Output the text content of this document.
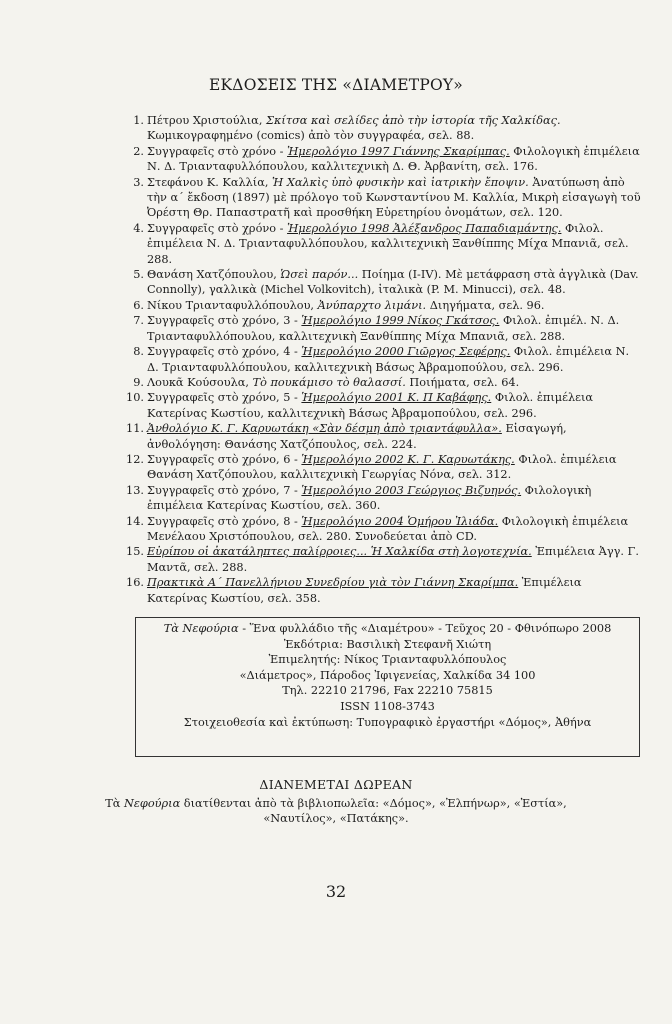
ΕΚΔΟΣΕΙΣ ΤΗΣ «ΔΙΑΜΕΤΡΟΥ»
1. Πέτρου Χριστούλια, Σκίτσα καὶ σελίδες ἀπὸ τὴν ἱστορία τῆς Χαλκίδας. Κωμικογραφημένο (comics) ἀπὸ τὸν συγγραφέα, σελ. 88.
2. Συγγραφεῖς στὸ χρόνο - Ἡμερολόγιο 1997 Γιάννης Σκαρίμπας. Φιλολογικὴ ἐπιμέλεια Ν. Δ. Τριανταφυλλόπουλου, καλλιτεχνικὴ Δ. Θ. Ἀρβανίτη, σελ. 176.
3. Στεφάνου Κ. Καλλία, Ἡ Χαλκὶς ὑπὸ φυσικὴν καὶ ἰατρικὴν ἔποψιν. Ἀνατύπωση ἀπὸ τὴν α΄ ἔκδοση (1897) μὲ πρόλογο τοῦ Κωνσταντίνου Μ. Καλλία, Μικρὴ εἰσαγωγὴ τοῦ Ὀρέστη Θρ. Παπαστρατῆ καὶ προσθήκη Εὑρετηρίου ὀνομάτων, σελ. 120.
4. Συγγραφεῖς στὸ χρόνο - Ἡμερολόγιο 1998 Ἀλέξανδρος Παπαδιαμάντης. Φιλολ. ἐπιμέλεια Ν. Δ. Τριανταφυλλόπουλου, καλλιτεχνικὴ Ξανθίππης Μίχα Μπανιᾶ, σελ. 288.
5. Θανάση Χατζόπουλου, Ὡσεὶ παρόν... Ποίημα (I-IV). Μὲ μετάφραση στὰ ἀγγλικὰ (Dav. Connolly), γαλλικὰ (Michel Volkovitch), ἰταλικὰ (P. M. Minucci), σελ. 48.
6. Νίκου Τριανταφυλλόπουλου, Ἀνύπαρχτο λιμάνι. Διηγήματα, σελ. 96.
7. Συγγραφεῖς στὸ χρόνο, 3 - Ἡμερολόγιο 1999 Νίκος Γκάτσος. Φιλολ. ἐπιμέλ. Ν. Δ. Τριανταφυλλόπουλου, καλλιτεχνικὴ Ξανθίππης Μίχα Μπανιᾶ, σελ. 288.
8. Συγγραφεῖς στὸ χρόνο, 4 - Ἡμερολόγιο 2000 Γιῶργος Σεφέρης. Φιλολ. ἐπιμέλεια Ν. Δ. Τριανταφυλλόπουλου, καλλιτεχνικὴ Βάσως Ἀβραμοπούλου, σελ. 296.
9. Λουκᾶ Κούσουλα, Τὸ πουκάμισο τὸ θαλασσί. Ποιήματα, σελ. 64.
10. Συγγραφεῖς στὸ χρόνο, 5 - Ἡμερολόγιο 2001 Κ. Π Καβάφης. Φιλολ. ἐπιμέλεια Κατερίνας Κωστίου, καλλιτεχνικὴ Βάσως Ἀβραμοπούλου, σελ. 296.
11. Ἀνθολόγιο Κ. Γ. Καρυωτάκη «Σὰν δέσμη ἀπὸ τριαντάφυλλα». Εἰσαγωγή, ἀνθολόγηση: Θανάσης Χατζόπουλος, σελ. 224.
12. Συγγραφεῖς στὸ χρόνο, 6 - Ἡμερολόγιο 2002 Κ. Γ. Καρυωτάκης. Φιλολ. ἐπιμέλεια Θανάση Χατζόπουλου, καλλιτεχνικὴ Γεωργίας Νόνα, σελ. 312.
13. Συγγραφεῖς στὸ χρόνο, 7 - Ἡμερολόγιο 2003 Γεώργιος Βιζυηνός. Φιλολογικὴ ἐπιμέλεια Κατερίνας Κωστίου, σελ. 360.
14. Συγγραφεῖς στὸ χρόνο, 8 - Ἡμερολόγιο 2004 Ὁμήρου Ἰλιάδα. Φιλολογικὴ ἐπιμέλεια Μενέλαου Χριστόπουλου, σελ. 280. Συνοδεύεται ἀπὸ CD.
15. Εὐρίπου οἱ ἀκατάληπτες παλίρροιες... Ἡ Χαλκίδα στὴ λογοτεχνία. Ἐπιμέλεια Ἀγγ. Γ. Μαντᾶ, σελ. 288.
16. Πρακτικὰ Α΄ Πανελλήνιου Συνεδρίου γιὰ τὸν Γιάννη Σκαρίμπα. Ἐπιμέλεια Κατερίνας Κωστίου, σελ. 358.
Τὰ Νεφούρια - Ἕνα φυλλάδιο τῆς «Διαμέτρου» - Τεῦχος 20 - Φθινόπωρο 2008
Ἐκδότρια: Βασιλικὴ Στεφανῆ Χιώτη
Ἐπιμελητής: Νίκος Τριανταφυλλόπουλος
«Διάμετρος», Πάροδος Ἰφιγενείας, Χαλκίδα 34 100
Τηλ. 22210 21796, Fax 22210 75815
ISSN 1108-3743
Στοιχειοθεσία καὶ ἐκτύπωση: Τυπογραφικὸ ἐργαστήρι «Δόμος», Ἀθήνα
ΔΙΑΝΕΜΕΤΑΙ ΔΩΡΕΑΝ
Τὰ Νεφούρια διατίθενται ἀπὸ τὰ βιβλιοπωλεῖα: «Δόμος», «Ἐλπήνωρ», «Ἑστία»,
«Ναυτίλος», «Πατάκης».
32
